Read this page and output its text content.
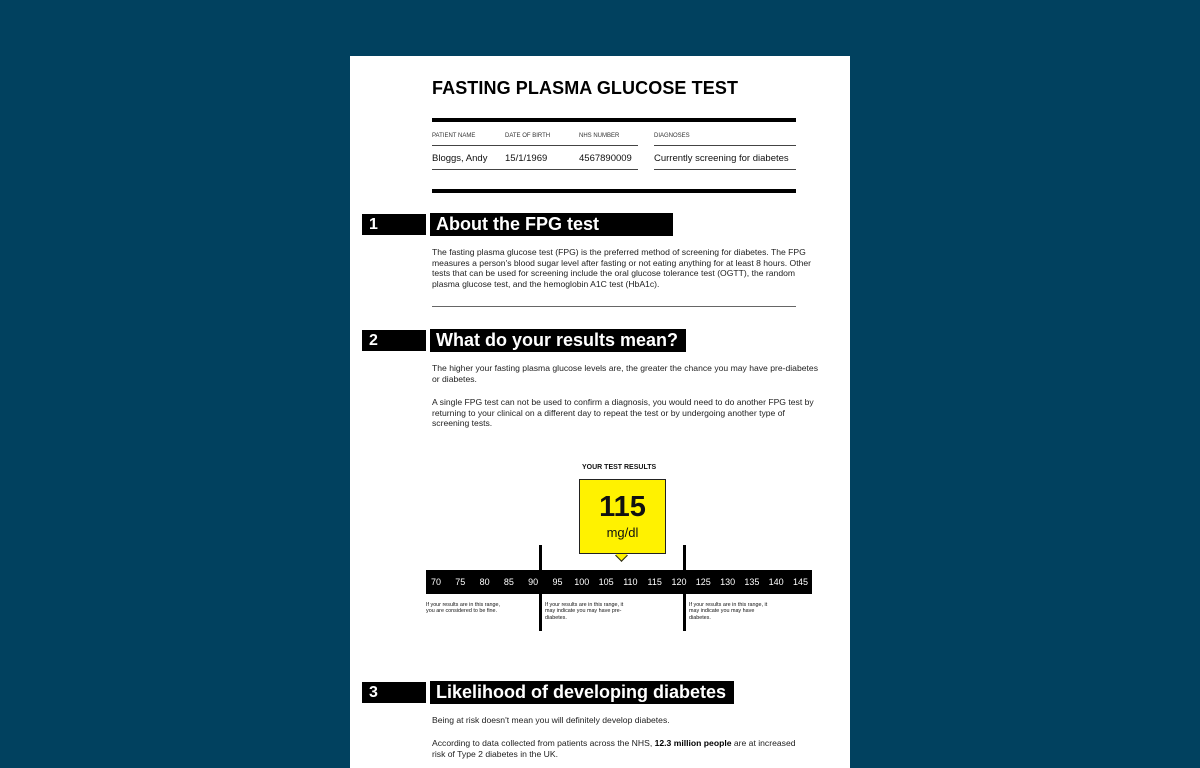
FASTING PLASMA GLUCOSE TEST
PATIENT NAME	DATE OF BIRTH	NHS NUMBER	DIAGNOSES
Bloggs, Andy 15/1/1969	4567890009 Currently screening for diabetes
1	About the FPG test
The fasting plasma glucose test (FPG) is the preferred method of screening for diabetes. The FPG measures a person's blood sugar level after fasting or not eating anything for at least 8 hours. Other tests that can be used for screening include the oral glucose tolerance test (OGTT), the random plasma glucose test, and the hemoglobin A1C test (HbA1c).
2	What do your results mean?
The higher your fasting plasma glucose levels are, the greater the chance you may have pre-diabetes or diabetes.
A single FPG test can not be used to confirm a diagnosis, you would need to do another FPG test by returning to your clinical on a different day to repeat the test or by undergoing another type of screening tests.
YOUR TEST RESULTS
115
mg/dl
70 75 80 85 90 95 100 105 110 115 120 125 130 135 140 145 150
If your results are in this range, you are considered to be fine.
If your results are in this range, it may indicate you may have pre-diabetes.
If your results are in this range, it may indicate you may have diabetes.
3	Likelihood of developing diabetes
Being at risk doesn't mean you will definitely develop diabetes.
According to data collected from patients across the NHS, 12.3 million people are at increased risk of Type 2 diabetes in the UK.
